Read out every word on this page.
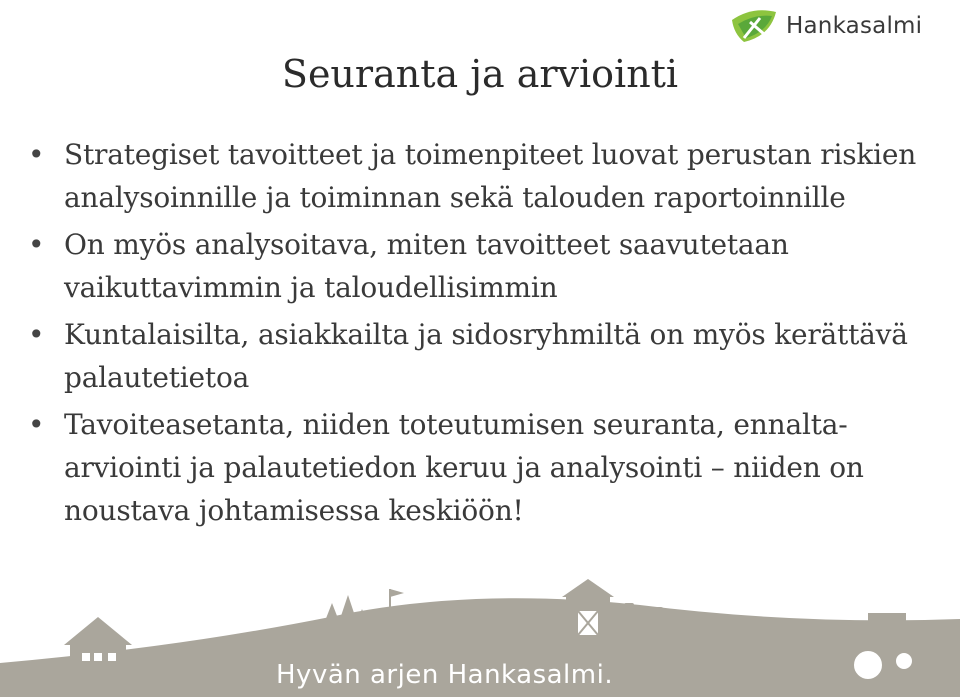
Hankasalmi
Seuranta ja arviointi
• Strategiset tavoitteet ja toimenpiteet luovat perustan riskien analysoinnille ja toiminnan sekä talouden raportoinnille
• On myös analysoitava, miten tavoitteet saavutetaan vaikuttavimmin ja taloudellisimmin
• Kuntalaisilta, asiakkailta ja sidosryhmiltä on myös kerättävä palautetietoa
• Tavoiteasetanta, niiden toteutumisen seuranta, ennalta-arviointi ja palautetiedon keruu ja analysointi – niiden on noustava johtamisessa keskiöön!
Hyvän arjen Hankasalmi.
